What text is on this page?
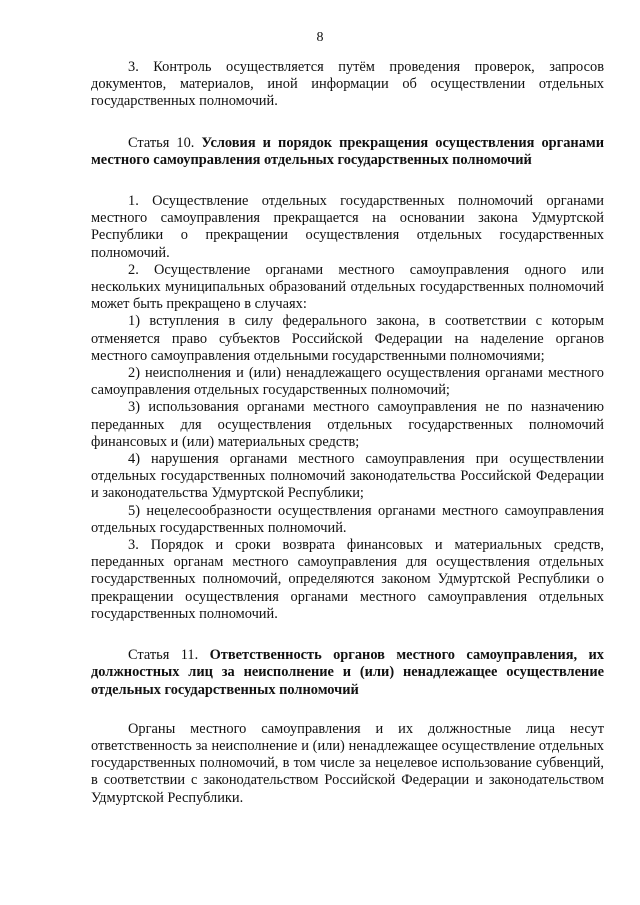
8

3. Контроль осуществляется путём проведения проверок, запросов документов, материалов, иной информации об осуществлении отдельных государственных полномочий.

Статья 10. Условия и порядок прекращения осуществления органами местного самоуправления отдельных государственных полномочий

1. Осуществление отдельных государственных полномочий органами местного самоуправления прекращается на основании закона Удмуртской Республики о прекращении осуществления отдельных государственных полномочий.

2. Осуществление органами местного самоуправления одного или нескольких муниципальных образований отдельных государственных полномочий может быть прекращено в случаях:

1) вступления в силу федерального закона, в соответствии с которым отменяется право субъектов Российской Федерации на наделение органов местного самоуправления отдельными государственными полномочиями;

2) неисполнения и (или) ненадлежащего осуществления органами местного самоуправления отдельных государственных полномочий;

3) использования органами местного самоуправления не по назначению переданных для осуществления отдельных государственных полномочий финансовых и (или) материальных средств;

4) нарушения органами местного самоуправления при осуществлении отдельных государственных полномочий законодательства Российской Федерации и законодательства Удмуртской Республики;

5) нецелесообразности осуществления органами местного самоуправления отдельных государственных полномочий.

3. Порядок и сроки возврата финансовых и материальных средств, переданных органам местного самоуправления для осуществления отдельных государственных полномочий, определяются законом Удмуртской Республики о прекращении осуществления органами местного самоуправления отдельных государственных полномочий.

Статья 11. Ответственность органов местного самоуправления, их должностных лиц за неисполнение и (или) ненадлежащее осуществление отдельных государственных полномочий

Органы местного самоуправления и их должностные лица несут ответственность за неисполнение и (или) ненадлежащее осуществление отдельных государственных полномочий, в том числе за нецелевое использование субвенций, в соответствии с законодательством Российской Федерации и законодательством Удмуртской Республики.
